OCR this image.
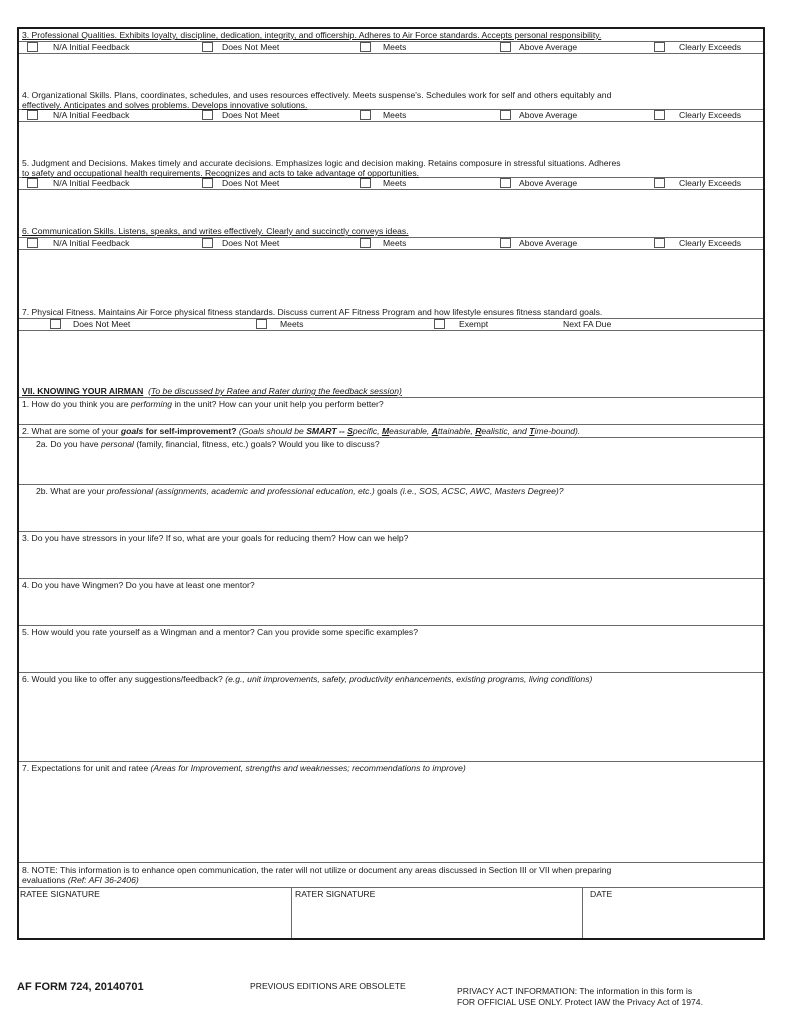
3. Professional Qualities. Exhibits loyalty, discipline, dedication, integrity, and officership. Adheres to Air Force standards. Accepts personal responsibility.
N/A Initial Feedback	Does Not Meet	Meets	Above Average	Clearly Exceeds
4. Organizational Skills. Plans, coordinates, schedules, and uses resources effectively. Meets suspense's. Schedules work for self and others equitably and
effectively. Anticipates and solves problems. Develops innovative solutions.
N/A Initial Feedback	Does Not Meet	Meets	Above Average	Clearly Exceeds
5. Judgment and Decisions. Makes timely and accurate decisions. Emphasizes logic and decision making. Retains composure in stressful situations. Adheres
to safety and occupational health requirements. Recognizes and acts to take advantage of opportunities.
N/A Initial Feedback	Does Not Meet	Meets	Above Average	Clearly Exceeds
6. Communication Skills. Listens, speaks, and writes effectively. Clearly and succinctly conveys ideas.
N/A Initial Feedback	Does Not Meet	Meets	Above Average	Clearly Exceeds
7. Physical Fitness. Maintains Air Force physical fitness standards. Discuss current AF Fitness Program and how lifestyle ensures fitness standard goals.
Does Not Meet	Meets	Exempt	Next FA Due
VII. KNOWING YOUR AIRMAN (To be discussed by Ratee and Rater during the feedback session)
1. How do you think you are performing in the unit? How can your unit help you perform better?
2. What are some of your goals for self-improvement? (Goals should be SMART -- Specific, Measurable, Attainable, Realistic, and Time-bound).
2a. Do you have personal (family, financial, fitness, etc.) goals? Would you like to discuss?
2b. What are your professional (assignments, academic and professional education, etc.) goals (i.e., SOS, ACSC, AWC, Masters Degree)?
3. Do you have stressors in your life? If so, what are your goals for reducing them? How can we help?
4. Do you have Wingmen? Do you have at least one mentor?
5. How would you rate yourself as a Wingman and a mentor? Can you provide some specific examples?
6. Would you like to offer any suggestions/feedback? (e.g., unit improvements, safety, productivity enhancements, existing programs, living conditions)
7. Expectations for unit and ratee (Areas for Improvement, strengths and weaknesses; recommendations to improve)
8. NOTE: This information is to enhance open communication, the rater will not utilize or document any areas discussed in Section III or VII when preparing
evaluations (Ref: AFI 36-2406)
RATEE SIGNATURE	RATER SIGNATURE	DATE
AF FORM 724, 20140701	PREVIOUS EDITIONS ARE OBSOLETE	PRIVACY ACT INFORMATION: The information in this form is
FOR OFFICIAL USE ONLY. Protect IAW the Privacy Act of 1974.
